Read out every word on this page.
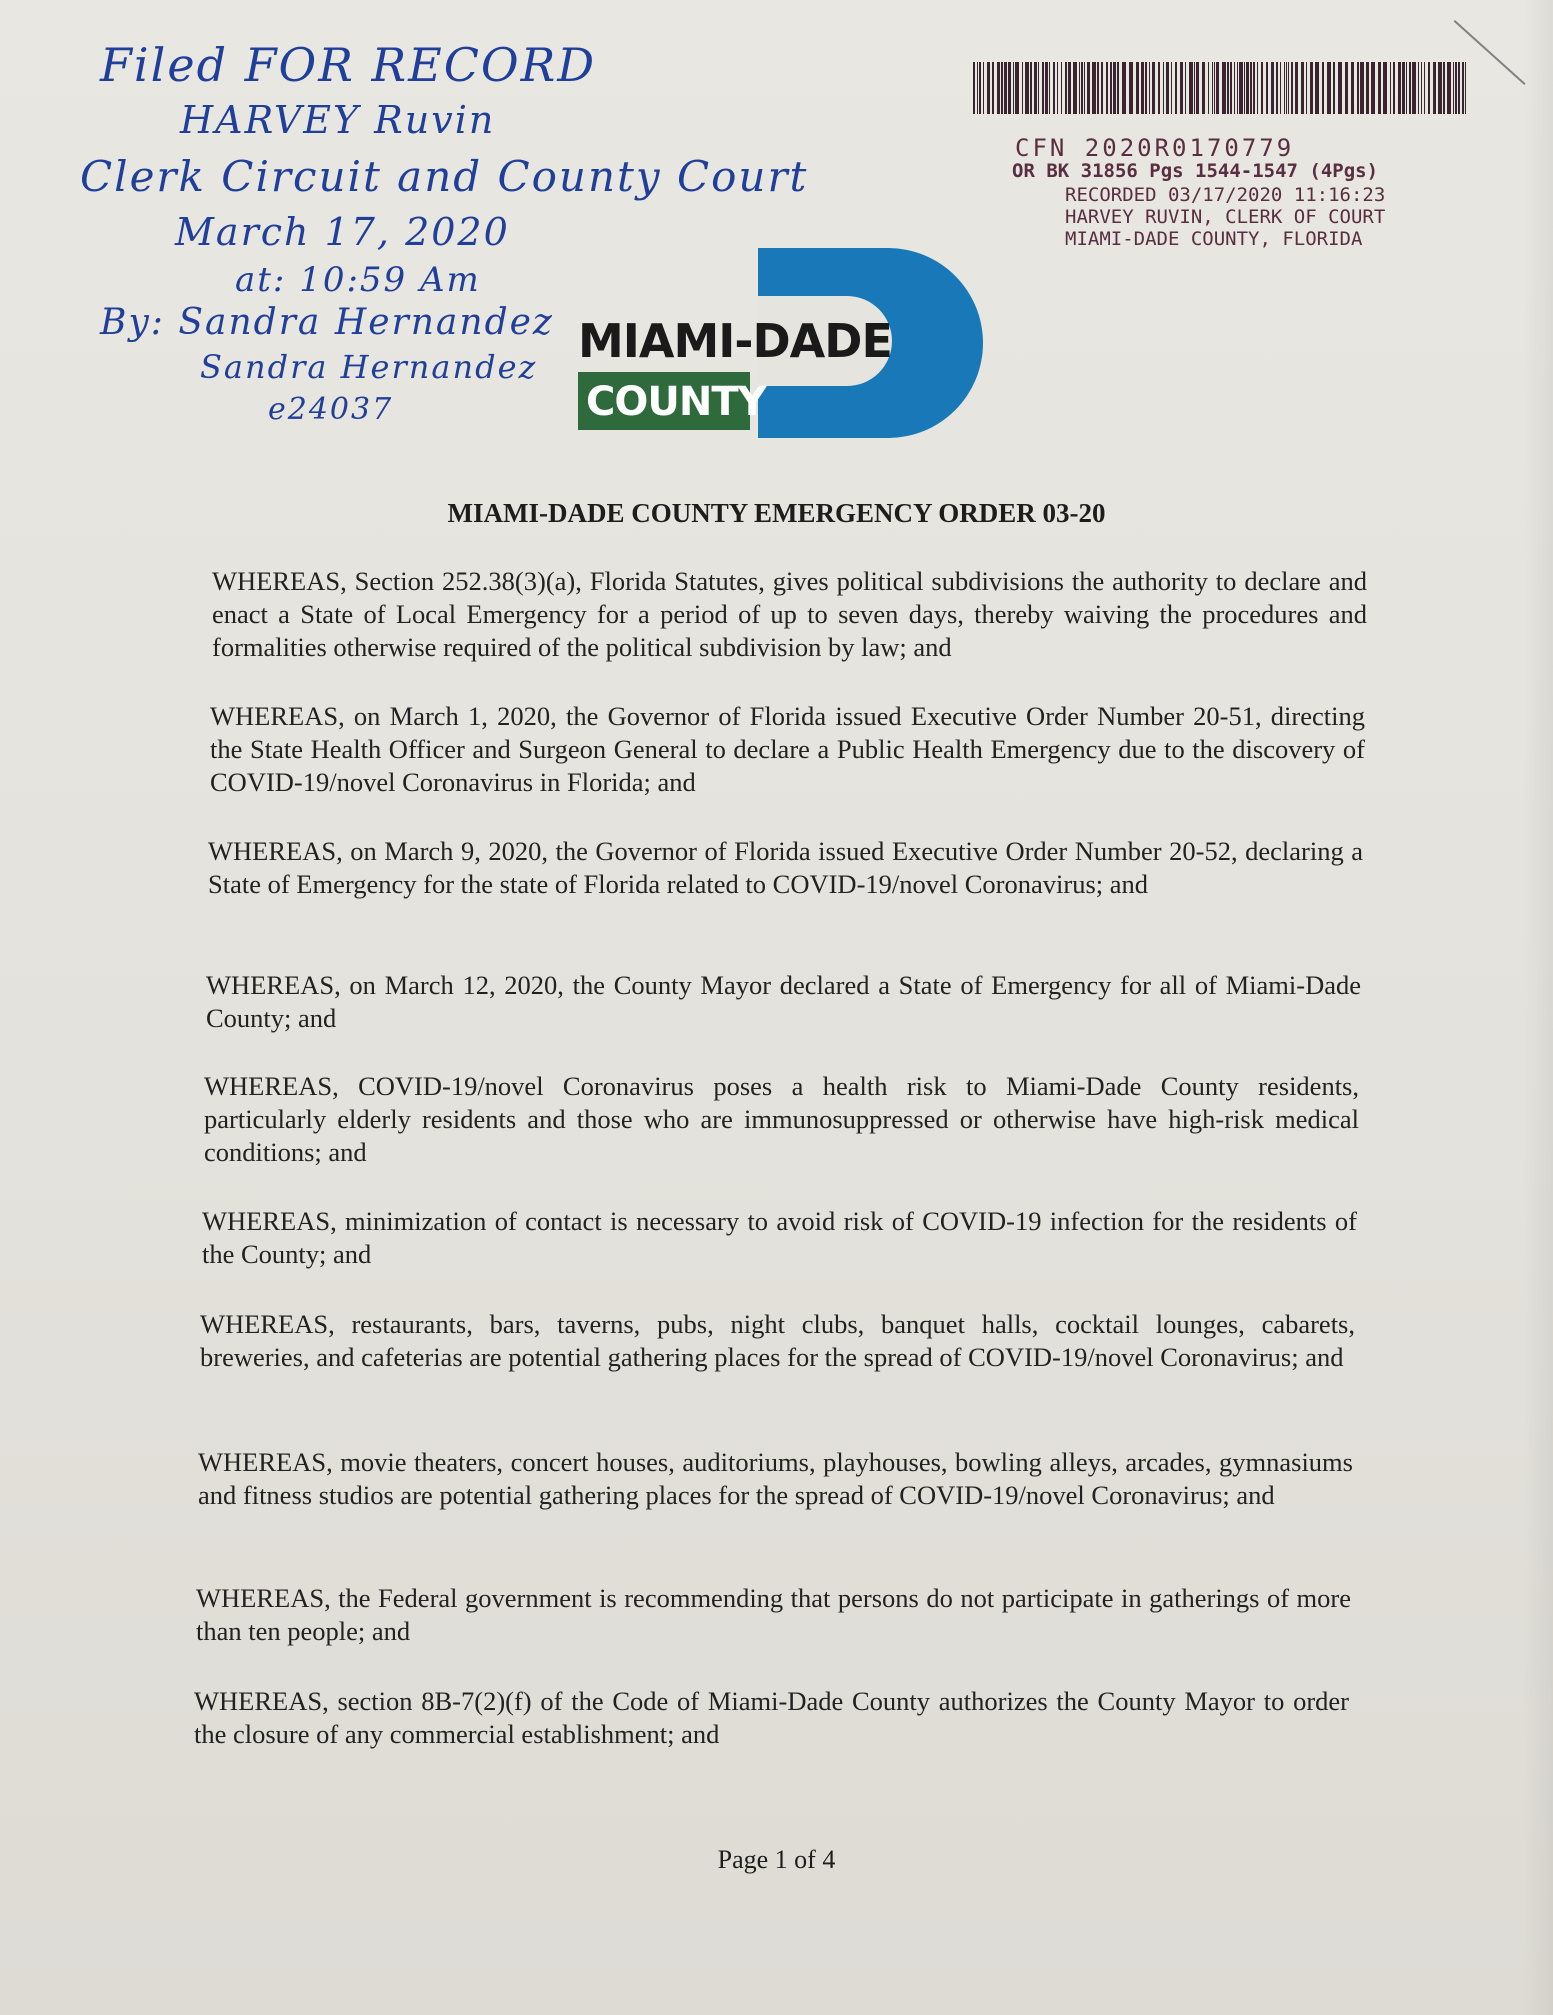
Filed FOR RECORD
HARVEY Ruvin
Clerk Circuit and County Court
March 17, 2020
at: 10:59 Am
By: Sandra Hernandez
Sandra Hernandez
e24037
CFN 2020R0170779
OR BK 31856 Pgs 1544-1547 (4Pgs)
RECORDED 03/17/2020 11:16:23
HARVEY RUVIN, CLERK OF COURT
MIAMI-DADE COUNTY, FLORIDA
MIAMI-DADE
COUNTY
MIAMI-DADE COUNTY EMERGENCY ORDER 03-20
WHEREAS, Section 252.38(3)(a), Florida Statutes, gives political subdivisions the authority to declare and enact a State of Local Emergency for a period of up to seven days, thereby waiving the procedures and formalities otherwise required of the political subdivision by law; and
WHEREAS, on March 1, 2020, the Governor of Florida issued Executive Order Number 20-51, directing the State Health Officer and Surgeon General to declare a Public Health Emergency due to the discovery of COVID-19/novel Coronavirus in Florida; and
WHEREAS, on March 9, 2020, the Governor of Florida issued Executive Order Number 20-52, declaring a State of Emergency for the state of Florida related to COVID-19/novel Coronavirus; and
WHEREAS, on March 12, 2020, the County Mayor declared a State of Emergency for all of Miami-Dade County; and
WHEREAS, COVID-19/novel Coronavirus poses a health risk to Miami-Dade County residents, particularly elderly residents and those who are immunosuppressed or otherwise have high-risk medical conditions; and
WHEREAS, minimization of contact is necessary to avoid risk of COVID-19 infection for the residents of the County; and
WHEREAS, restaurants, bars, taverns, pubs, night clubs, banquet halls, cocktail lounges, cabarets, breweries, and cafeterias are potential gathering places for the spread of COVID-19/novel Coronavirus; and
WHEREAS, movie theaters, concert houses, auditoriums, playhouses, bowling alleys, arcades, gymnasiums and fitness studios are potential gathering places for the spread of COVID-19/novel Coronavirus; and
WHEREAS, the Federal government is recommending that persons do not participate in gatherings of more than ten people; and
WHEREAS, section 8B-7(2)(f) of the Code of Miami-Dade County authorizes the County Mayor to order the closure of any commercial establishment; and
Page 1 of 4
